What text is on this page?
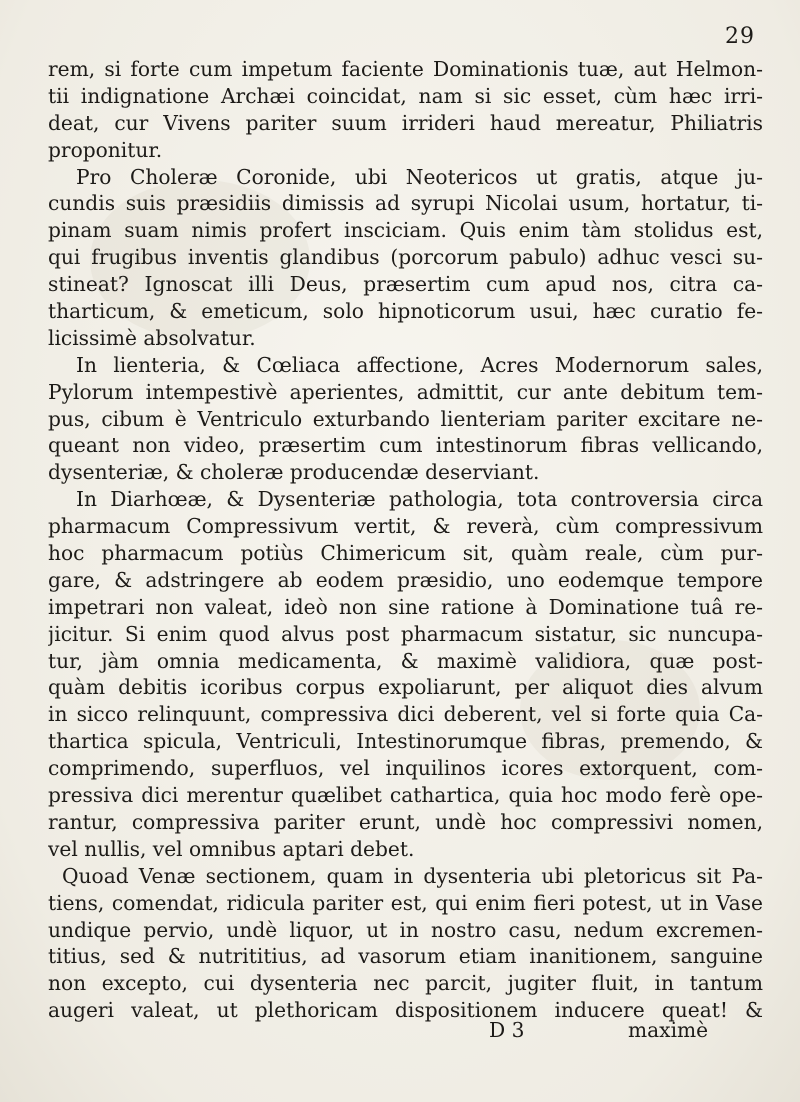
29
rem, si forte cum impetum faciente Dominationis tuæ, aut Helmon-
tii indignatione Archæi coincidat, nam si sic esset, cùm hæc irri-
deat, cur Vivens pariter suum irrideri haud mereatur, Philiatris
proponitur.
Pro Choleræ Coronide, ubi Neotericos ut gratis, atque ju-
cundis suis præsidiis dimissis ad syrupi Nicolai usum, hortatur, ti-
pinam suam nimis profert insciciam. Quis enim tàm stolidus est,
qui frugibus inventis glandibus (porcorum pabulo) adhuc vesci su-
stineat? Ignoscat illi Deus, præsertim cum apud nos, citra ca-
tharticum, & emeticum, solo hipnoticorum usui, hæc curatio fe-
licissimè absolvatur.
In lienteria, & Cœliaca affectione, Acres Modernorum sales,
Pylorum intempestivè aperientes, admittit, cur ante debitum tem-
pus, cibum è Ventriculo exturbando lienteriam pariter excitare ne-
queant non video, præsertim cum intestinorum fibras vellicando,
dysenteriæ, & choleræ producendæ deserviant.
In Diarhœæ, & Dysenteriæ pathologia, tota controversia circa
pharmacum Compressivum vertit, & reverà, cùm compressivum
hoc pharmacum potiùs Chimericum sit, quàm reale, cùm pur-
gare, & adstringere ab eodem præsidio, uno eodemque tempore
impetrari non valeat, ideò non sine ratione à Dominatione tuâ re-
jicitur. Si enim quod alvus post pharmacum sistatur, sic nuncupa-
tur, jàm omnia medicamenta, & maximè validiora, quæ post-
quàm debitis icoribus corpus expoliarunt, per aliquot dies alvum
in sicco relinquunt, compressiva dici deberent, vel si forte quia Ca-
thartica spicula, Ventriculi, Intestinorumque fibras, premendo, &
comprimendo, superfluos, vel inquilinos icores extorquent, com-
pressiva dici merentur quælibet cathartica, quia hoc modo ferè ope-
rantur, compressiva pariter erunt, undè hoc compressivi nomen,
vel nullis, vel omnibus aptari debet.
Quoad Venæ sectionem, quam in dysenteria ubi pletoricus sit Pa-
tiens, comendat, ridicula pariter est, qui enim fieri potest, ut in Vase
undique pervio, undè liquor, ut in nostro casu, nedum excremen-
titius, sed & nutrititius, ad vasorum etiam inanitionem, sanguine
non excepto, cui dysenteria nec parcit, jugiter fluit, in tantum
augeri valeat, ut plethoricam dispositionem inducere queat! &
D 3	maximè
